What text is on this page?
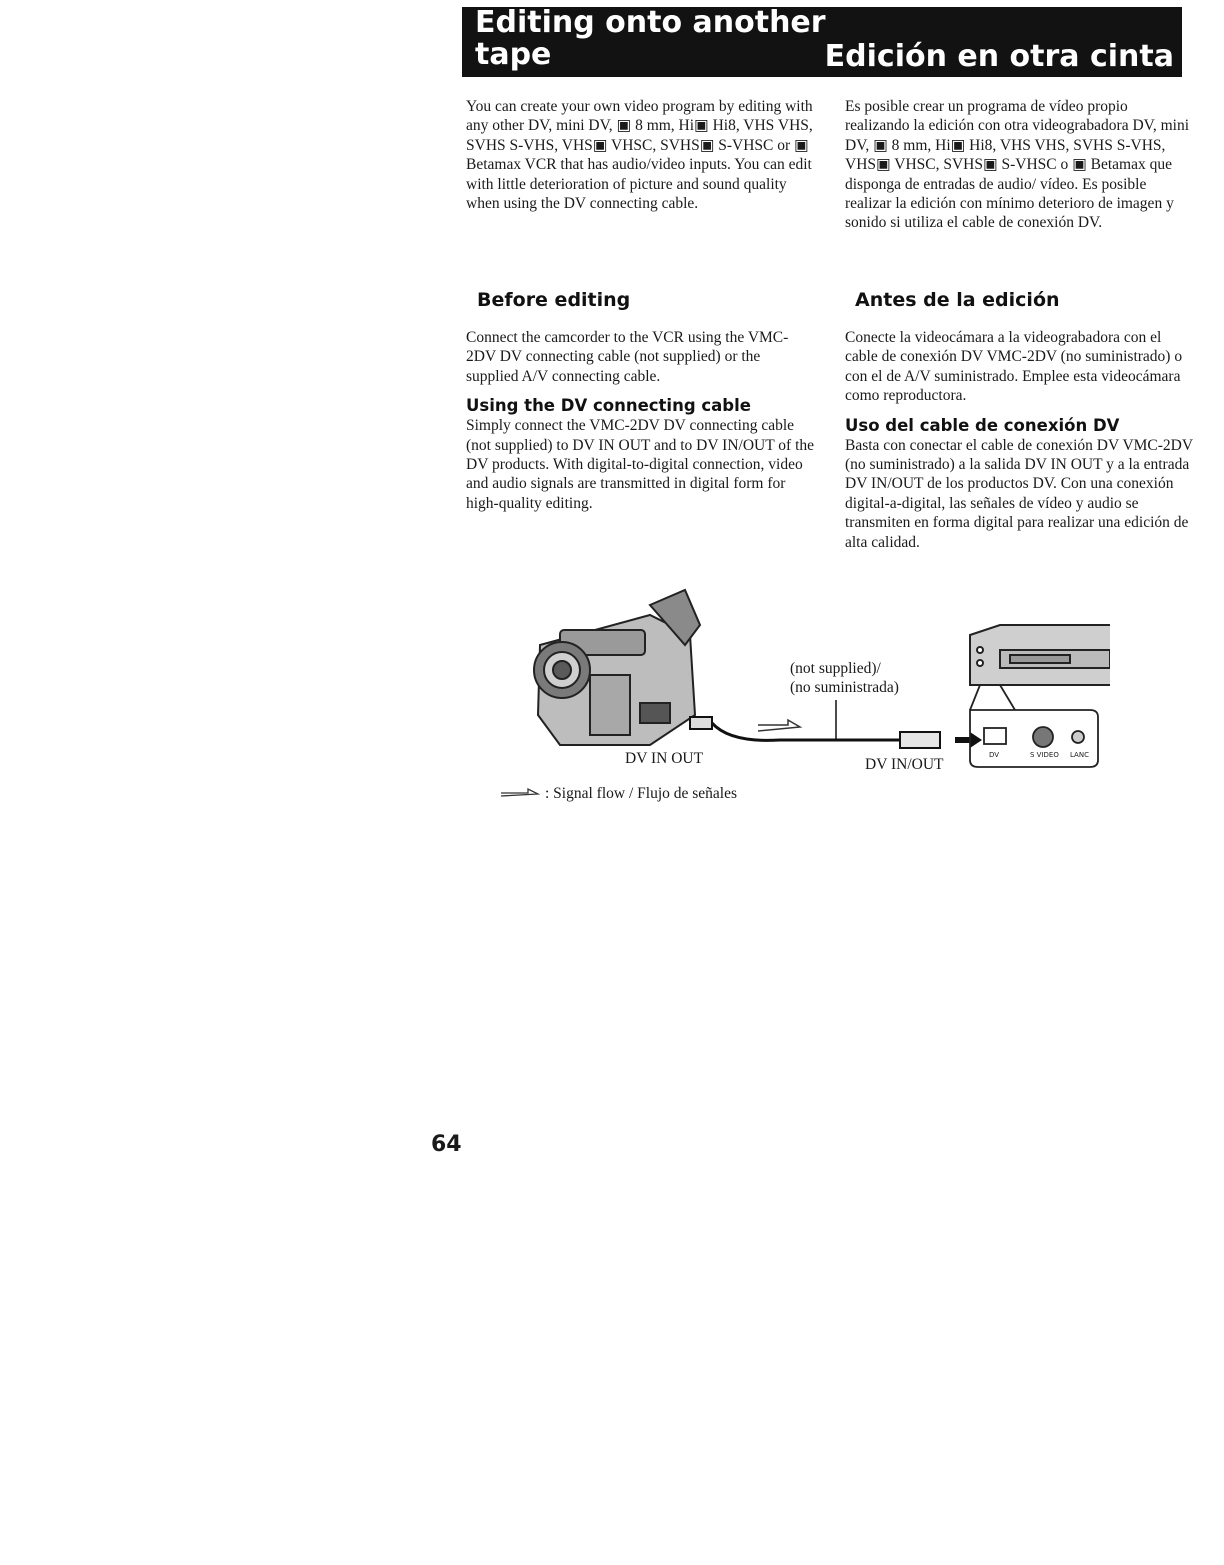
Editing onto another tape	Edición en otra cinta

You can create your own video program by editing with any other DV, mini DV, ▣ 8 mm, Hi▣ Hi8, VHS VHS, SVHS S-VHS, VHS▣ VHSC, SVHS▣ S-VHSC or ▣ Betamax VCR that has audio/video inputs. You can edit with little deterioration of picture and sound quality when using the DV connecting cable.

Es posible crear un programa de vídeo propio realizando la edición con otra videograbadora DV, mini DV, ▣ 8 mm, Hi▣ Hi8, VHS VHS, SVHS S-VHS, VHS▣ VHSC, SVHS▣ S-VHSC o ▣ Betamax que disponga de entradas de audio/ vídeo. Es posible realizar la edición con mínimo deterioro de imagen y sonido si utiliza el cable de conexión DV.

Before editing	Antes de la edición

Connect the camcorder to the VCR using the VMC-2DV DV connecting cable (not supplied) or the supplied A/V connecting cable.

Using the DV connecting cable

Simply connect the VMC-2DV DV connecting cable (not supplied) to DV IN OUT and to DV IN/OUT of the DV products. With digital-to-digital connection, video and audio signals are transmitted in digital form for high-quality editing.

Conecte la videocámara a la videograbadora con el cable de conexión DV VMC-2DV (no suministrado) o con el de A/V suministrado. Emplee esta videocámara como reproductora.

Uso del cable de conexión DV

Basta con conectar el cable de conexión DV VMC-2DV (no suministrado) a la salida DV IN OUT y a la entrada DV IN/OUT de los productos DV. Con una conexión digital-a-digital, las señales de vídeo y audio se transmiten en forma digital para realizar una edición de alta calidad.

(not supplied)/
(no suministrada)
DV IN OUT	DV IN/OUT
DV	S VIDEO LANC
: Signal flow / Flujo de señales
64
